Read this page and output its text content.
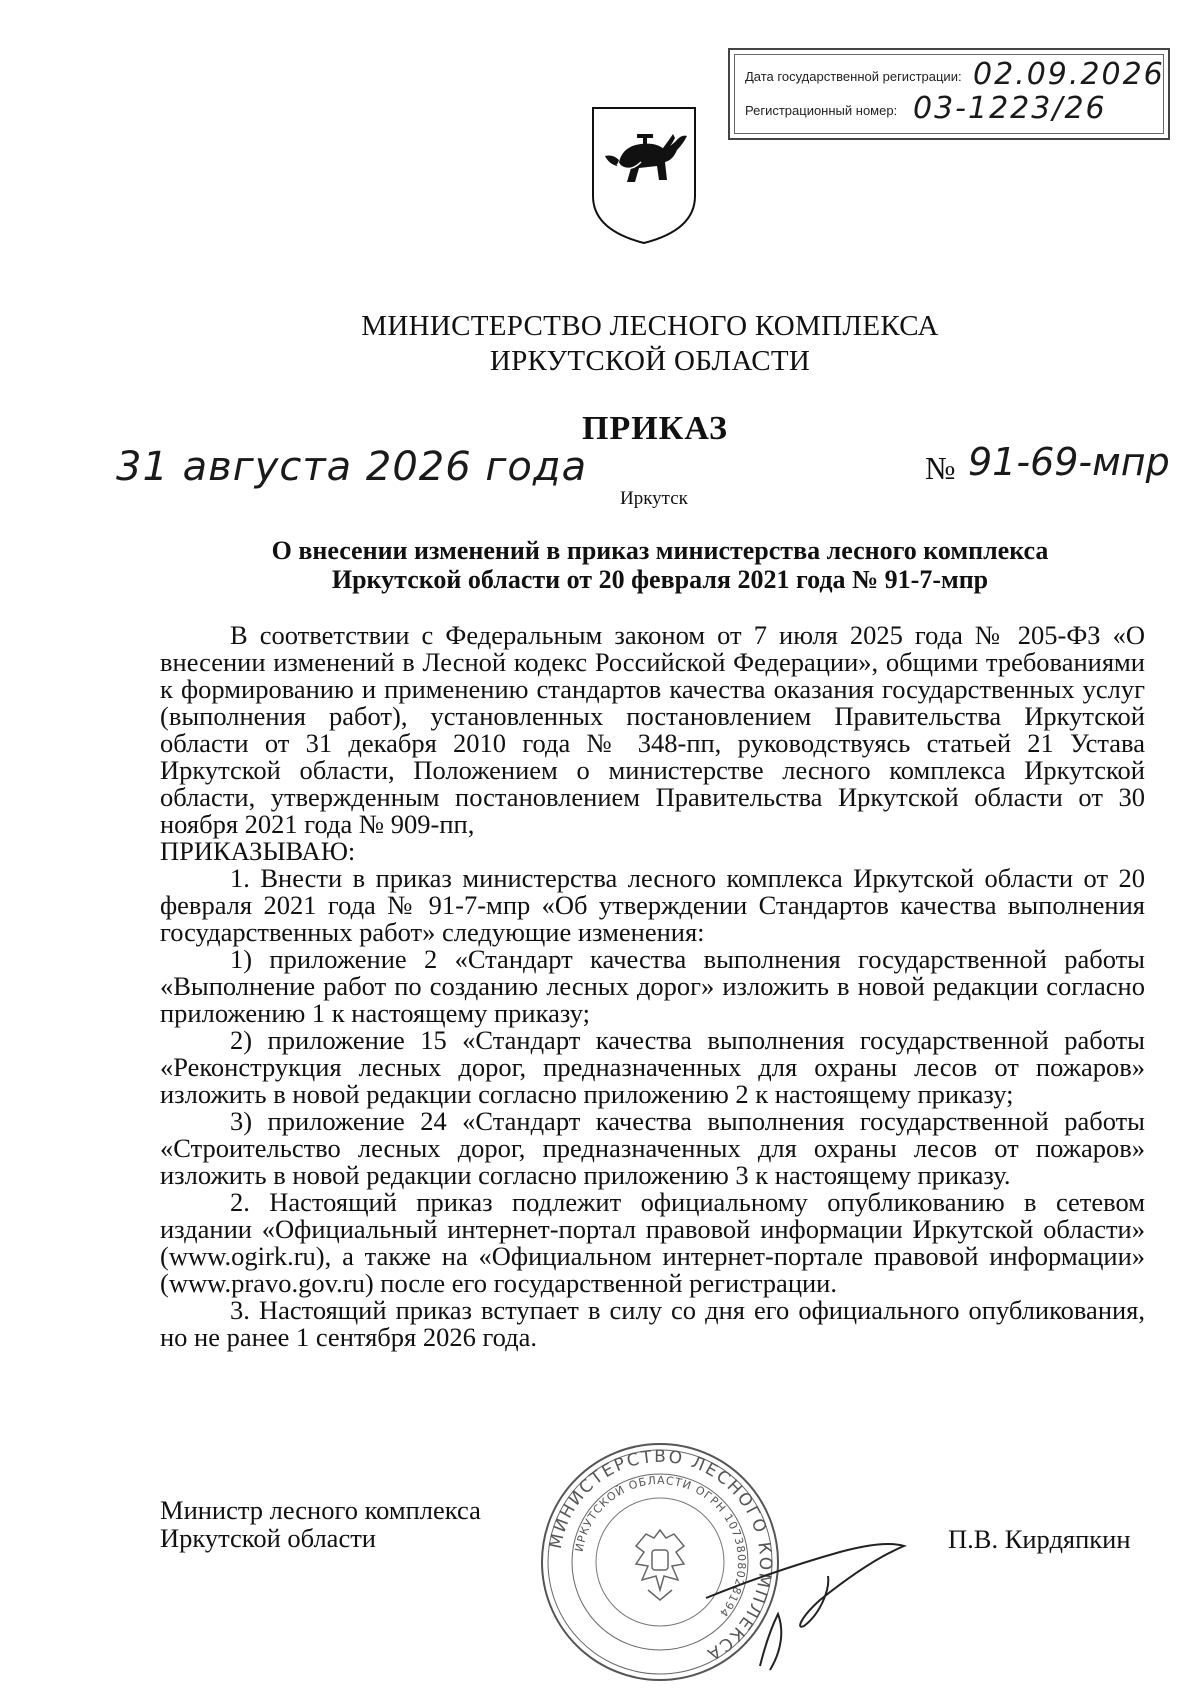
Дата государственной регистрации: 02.09.2026
Регистрационный номер: 03-1223/26
МИНИСТЕРСТВО ЛЕСНОГО КОМПЛЕКСА
ИРКУТСКОЙ ОБЛАСТИ
ПРИКАЗ
31 августа 2026 года
Иркутск
№ 91-69-мпр
О внесении изменений в приказ министерства лесного комплекса
Иркутской области от 20 февраля 2021 года № 91-7-мпр

В соответствии с Федеральным законом от 7 июля 2025 года № 205-ФЗ «О внесении изменений в Лесной кодекс Российской Федерации», общими требованиями к формированию и применению стандартов качества оказания государственных услуг (выполнения работ), установленных постановлением Правительства Иркутской области от 31 декабря 2010 года № 348-пп, руководствуясь статьей 21 Устава Иркутской области, Положением о министерстве лесного комплекса Иркутской области, утвержденным постановлением Правительства Иркутской области от 30 ноября 2021 года № 909-пп,

ПРИКАЗЫВАЮ:

1. Внести в приказ министерства лесного комплекса Иркутской области от 20 февраля 2021 года № 91-7-мпр «Об утверждении Стандартов качества выполнения государственных работ» следующие изменения:

1) приложение 2 «Стандарт качества выполнения государственной работы «Выполнение работ по созданию лесных дорог» изложить в новой редакции согласно приложению 1 к настоящему приказу;

2) приложение 15 «Стандарт качества выполнения государственной работы «Реконструкция лесных дорог, предназначенных для охраны лесов от пожаров» изложить в новой редакции согласно приложению 2 к настоящему приказу;

3) приложение 24 «Стандарт качества выполнения государственной работы «Строительство лесных дорог, предназначенных для охраны лесов от пожаров» изложить в новой редакции согласно приложению 3 к настоящему приказу.

2. Настоящий приказ подлежит официальному опубликованию в сетевом издании «Официальный интернет-портал правовой информации Иркутской области» (www.ogirk.ru), а также на «Официальном интернет-портале правовой информации» (www.pravo.gov.ru) после его государственной регистрации.

3. Настоящий приказ вступает в силу со дня его официального опубликования, но не ранее 1 сентября 2026 года.

Министр лесного комплекса
Иркутской области	П.В. Кирдяпкин
МИНИСТЕРСТВО ЛЕСНОГО КОМПЛЕКСА
ИРКУТСКОЙ ОБЛАСТИ ОГРН 1073808028194
